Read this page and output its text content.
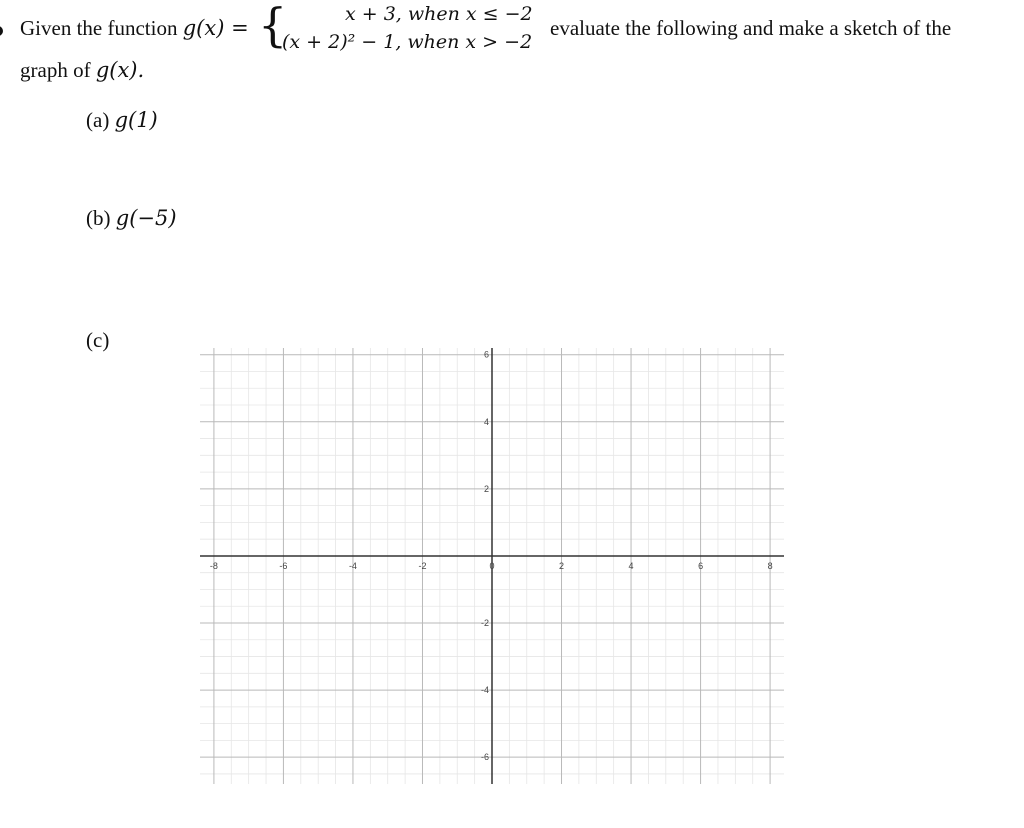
Given the function g(x) = {	x + 3, when x ≤ −2
(x + 2)² − 1, when x > −2
evaluate the following and make a sketch of the
graph of g(x).
(a) g(1)
(b) g(−5)
(c)
-8	-6	-4	-2	0	2	4	6	8
6
4
2
-2
-4
-6
